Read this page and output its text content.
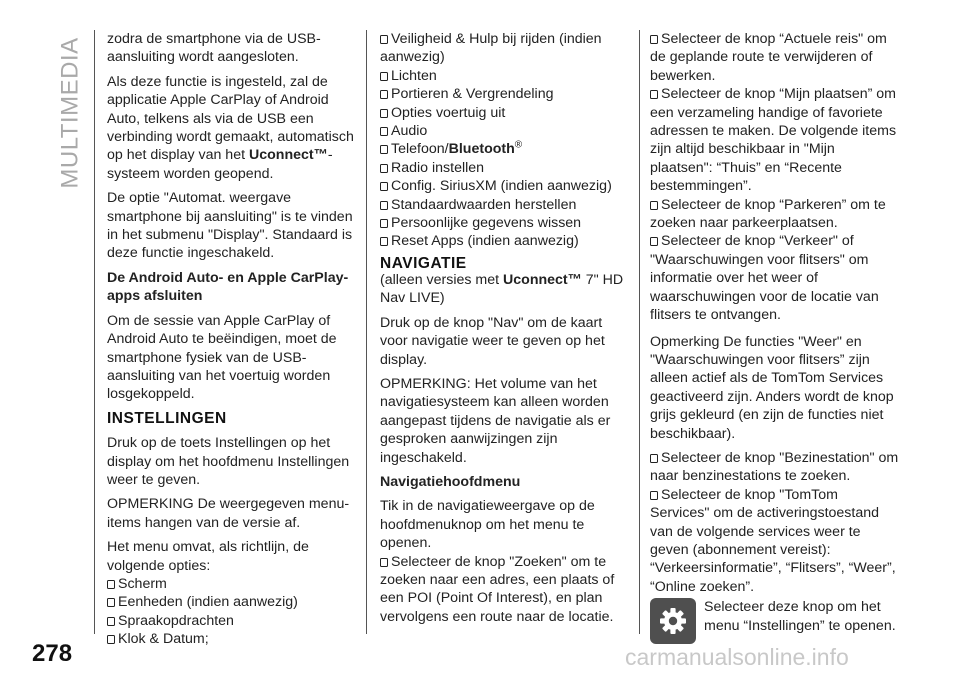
MULTIMEDIA zodra de smartphone via de USB-aansluiting wordt aangesloten.

Als deze functie is ingesteld, zal de applicatie Apple CarPlay of Android Auto, telkens als via de USB een verbinding wordt gemaakt, automatisch op het display van het Uconnect™-systeem worden geopend.

De optie "Automat. weergave smartphone bij aansluiting" is te vinden in het submenu "Display". Standaard is deze functie ingeschakeld.

De Android Auto- en Apple CarPlay-apps afsluiten

Om de sessie van Apple CarPlay of Android Auto te beëindigen, moet de smartphone fysiek van de USB-aansluiting van het voertuig worden losgekoppeld.

INSTELLINGEN

Druk op de toets Instellingen op het display om het hoofdmenu Instellingen weer te geven.

OPMERKING De weergegeven menu-items hangen van de versie af.

Het menu omvat, als richtlijn, de volgende opties:

Scherm
Eenheden (indien aanwezig)
Spraakopdrachten
Klok & Datum;
Veiligheid & Hulp bij rijden (indien aanwezig)
Lichten
Portieren & Vergrendeling
Opties voertuig uit
Audio
Telefoon/Bluetooth®
Radio instellen
Config. SiriusXM (indien aanwezig)
Standaardwaarden herstellen
Persoonlijke gegevens wissen
Reset Apps (indien aanwezig)
NAVIGATIE

(alleen versies met Uconnect™ 7" HD Nav LIVE)

Druk op de knop "Nav" om de kaart voor navigatie weer te geven op het display.

OPMERKING: Het volume van het navigatiesysteem kan alleen worden aangepast tijdens de navigatie als er gesproken aanwijzingen zijn ingeschakeld.

Navigatiehoofdmenu

Tik in de navigatieweergave op de hoofdmenuknop om het menu te openen.

Selecteer de knop "Zoeken" om te zoeken naar een adres, een plaats of een POI (Point Of Interest), en plan vervolgens een route naar de locatie.
Selecteer de knop “Actuele reis" om de geplande route te verwijderen of bewerken.
Selecteer de knop “Mijn plaatsen” om een verzameling handige of favoriete adressen te maken. De volgende items zijn altijd beschikbaar in "Mijn plaatsen": “Thuis” en “Recente bestemmingen”.
Selecteer de knop “Parkeren” om te zoeken naar parkeerplaatsen.
Selecteer de knop “Verkeer" of "Waarschuwingen voor flitsers" om informatie over het weer of waarschuwingen voor de locatie van flitsers te ontvangen.

Opmerking De functies "Weer" en "Waarschuwingen voor flitsers” zijn alleen actief als de TomTom Services geactiveerd zijn. Anders wordt de knop grijs gekleurd (en zijn de functies niet beschikbaar).

Selecteer de knop "Bezinestation" om naar benzinestations te zoeken.
Selecteer de knop "TomTom Services" om de activeringstoestand van de volgende services weer te geven (abonnement vereist): “Verkeersinformatie”, “Flitsers”, “Weer”, “Online zoeken”.
Selecteer deze knop om het menu “Instellingen” te openen.
278	carmanualsonline.info
